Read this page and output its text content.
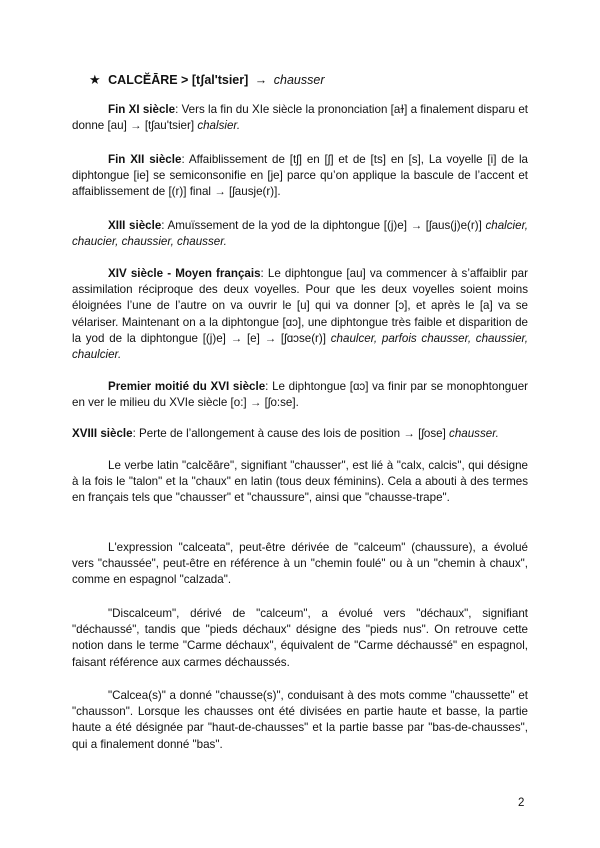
★ CALCĔĀRE > [tʃal'tsier] → chausser

Fin XI siècle: Vers la fin du XIe siècle la prononciation [aɫ] a finalement disparu et donne [au] → [tʃau'tsier] chalsier.

Fin XII siècle: Affaiblissement de [tʃ] en [ʃ] et de [ts] en [s], La voyelle [i] de la diphtongue [ie] se semiconsonifie en [je] parce qu’on applique la bascule de l’accent et affaiblissement de [(r)] final → [ʃausje(r)].

XIII siècle: Amuïssement de la yod de la diphtongue [(j)e] → [ʃaus(j)e(r)] chalcier, chaucier, chaussier, chausser.

XIV siècle - Moyen français: Le diphtongue [au] va commencer à s’affaiblir par assimilation réciproque des deux voyelles. Pour que les deux voyelles soient moins éloignées l’une de l’autre on va ouvrir le [u] qui va donner [ɔ], et après le [a] va se vélariser. Maintenant on a la diphtongue [ɑɔ], une diphtongue très faible et disparition de la yod de la diphtongue [(j)e] → [e] → [ʃɑɔse(r)] chaulcer, parfois chausser, chaussier, chaulcier.

Premier moitié du XVI siècle: Le diphtongue [ɑɔ] va finir par se monophtonguer en ver le milieu du XVIe siècle [o:] → [ʃo:se].

XVIII siècle: Perte de l’allongement à cause des lois de position → [ʃose] chausser.

Le verbe latin "calcĕāre", signifiant "chausser", est lié à "calx, calcis", qui désigne à la fois le "talon" et la "chaux" en latin (tous deux féminins). Cela a abouti à des termes en français tels que "chausser" et "chaussure", ainsi que "chausse-trape".

L'expression "calceata", peut-être dérivée de "calceum" (chaussure), a évolué vers "chaussée", peut-être en référence à un "chemin foulé" ou à un "chemin à chaux", comme en espagnol "calzada".

"Discalceum", dérivé de "calceum", a évolué vers "déchaux", signifiant "déchaussé", tandis que "pieds déchaux" désigne des "pieds nus". On retrouve cette notion dans le terme "Carme déchaux", équivalent de "Carme déchaussé" en espagnol, faisant référence aux carmes déchaussés.

"Calcea(s)" a donné "chausse(s)", conduisant à des mots comme "chaussette" et "chausson". Lorsque les chausses ont été divisées en partie haute et basse, la partie haute a été désignée par "haut-de-chausses" et la partie basse par "bas-de-chausses", qui a finalement donné "bas".

2
